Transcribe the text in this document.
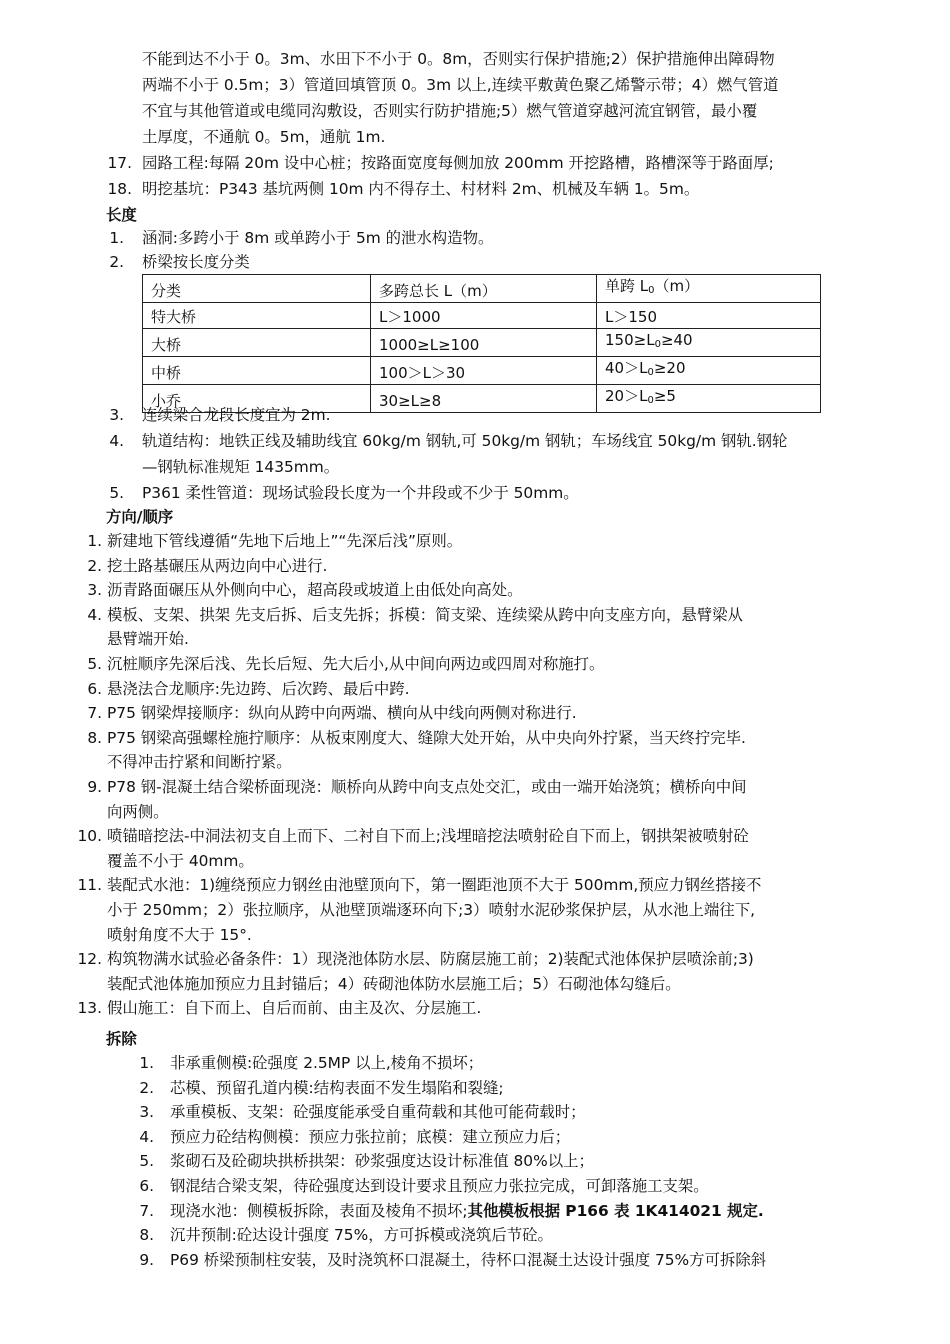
不能到达不小于 0。3m、水田下不小于 0。8m，否则实行保护措施;2）保护措施伸出障碍物
两端不小于 0.5m；3）管道回填管顶 0。3m 以上,连续平敷黄色聚乙烯警示带；4）燃气管道
不宜与其他管道或电缆同沟敷设，否则实行防护措施;5）燃气管道穿越河流宜钢管，最小覆
土厚度，不通航 0。5m，通航 1m.
17. 园路工程:每隔 20m 设中心桩；按路面宽度每侧加放 200mm 开挖路槽，路槽深等于路面厚;
18. 明挖基坑：P343 基坑两侧 10m 内不得存土、村材料 2m、机械及车辆 1。5m。
长度
1. 涵洞:多跨小于 8m 或单跨小于 5m 的泄水构造物。
2. 桥梁按长度分类
分类	多跨总长 L（m）	单跨 $L_0(m)$
特大桥	L＞1000	L＞150
大桥	1000≥L≥100	$150\ge L_0\ge 40$
中桥	100＞L＞30	$40>L_0\ge 20$
小乔	30≥L≥8	$20>L_0\ge 5$
3. 连续梁合龙段长度宜为 2m.
4. 轨道结构：地铁正线及辅助线宜 60kg/m 钢轨,可 50kg/m 钢轨；车场线宜 50kg/m 钢轨.钢轮
—钢轨标准规矩 1435mm。
5. P361 柔性管道：现场试验段长度为一个井段或不少于 50mm。
方向/顺序
1. 新建地下管线遵循“先地下后地上”“先深后浅”原则。
2. 挖土路基碾压从两边向中心进行.
3. 沥青路面碾压从外侧向中心，超高段或坡道上由低处向高处。
4. 模板、支架、拱架 先支后拆、后支先拆；拆模：简支梁、连续梁从跨中向支座方向，悬臂梁从
悬臂端开始.
5. 沉桩顺序先深后浅、先长后短、先大后小,从中间向两边或四周对称施打。
6. 悬浇法合龙顺序:先边跨、后次跨、最后中跨.
7. P75 钢梁焊接顺序：纵向从跨中向两端、横向从中线向两侧对称进行.
8. P75 钢梁高强螺栓施拧顺序：从板束刚度大、缝隙大处开始，从中央向外拧紧，当天终拧完毕.
不得冲击拧紧和间断拧紧。
9. P78 钢-混凝土结合梁桥面现浇：顺桥向从跨中向支点处交汇，或由一端开始浇筑；横桥向中间
向两侧。
10. 喷锚暗挖法-中洞法初支自上而下、二衬自下而上;浅埋暗挖法喷射砼自下而上，钢拱架被喷射砼
覆盖不小于 40mm。
11. 装配式水池：1)缠绕预应力钢丝由池壁顶向下，第一圈距池顶不大于 500mm,预应力钢丝搭接不
小于 250mm；2）张拉顺序，从池壁顶端逐环向下;3）喷射水泥砂浆保护层，从水池上端往下,
喷射角度不大于 15°.
12. 构筑物满水试验必备条件：1）现浇池体防水层、防腐层施工前；2)装配式池体保护层喷涂前;3)
装配式池体施加预应力且封锚后；4）砖砌池体防水层施工后；5）石砌池体勾缝后。
13. 假山施工：自下而上、自后而前、由主及次、分层施工.
拆除
1. 非承重侧模:砼强度 2.5MP 以上,棱角不损坏；
2. 芯模、预留孔道内模:结构表面不发生塌陷和裂缝;
3. 承重模板、支架：砼强度能承受自重荷载和其他可能荷载时；
4. 预应力砼结构侧模：预应力张拉前；底模：建立预应力后；
5. 浆砌石及砼砌块拱桥拱架：砂浆强度达设计标准值 80%以上；
6. 钢混结合梁支架，待砼强度达到设计要求且预应力张拉完成，可卸落施工支架。
7. 现浇水池：侧模板拆除，表面及棱角不损坏;其他模板根据 P166 表 1K414021 规定.
8. 沉井预制:砼达设计强度 75%，方可拆模或浇筑后节砼。
9. P69 桥梁预制柱安装，及时浇筑杯口混凝土，待杯口混凝土达设计强度 75%方可拆除斜
